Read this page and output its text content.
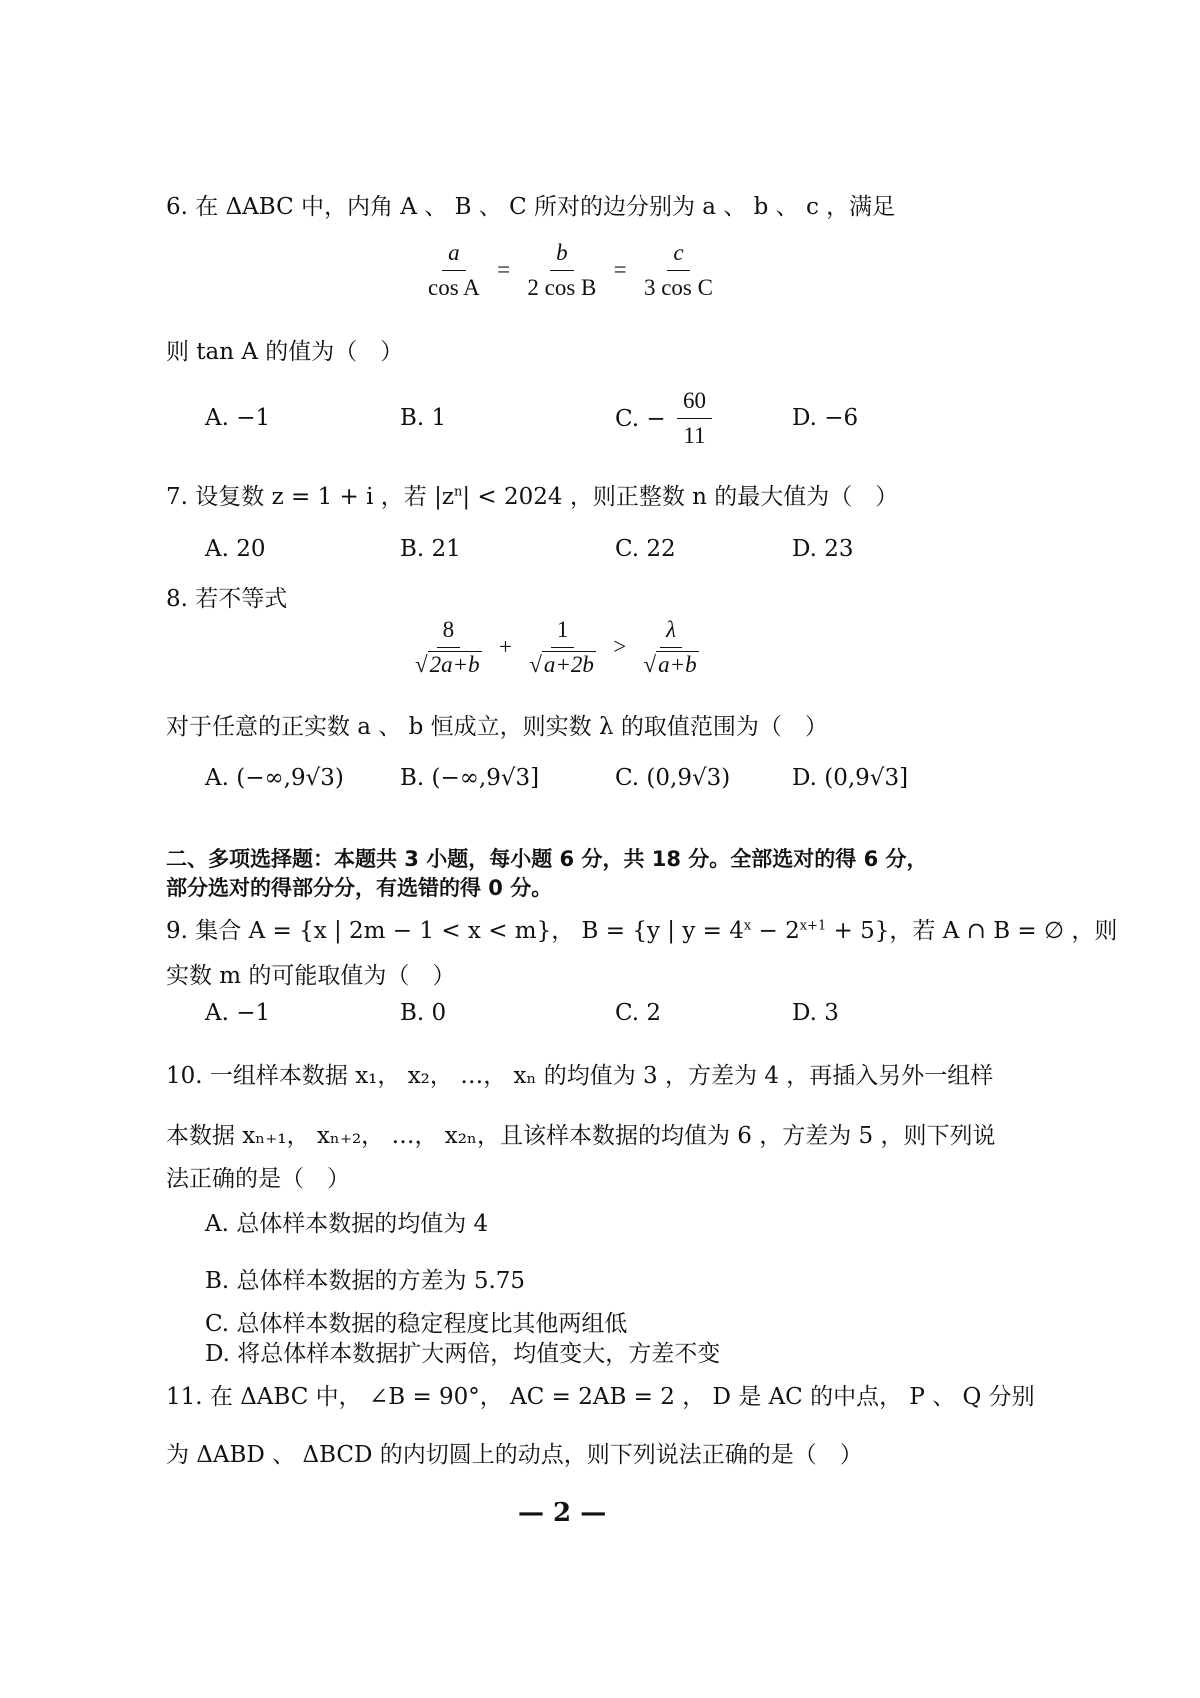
6. 在 ΔABC 中，内角 A 、 B 、 C 所对的边分别为 a 、 b 、 c ，满足
$\frac{a}{\text{cos A}} = \frac{b}{\text{2 cos B}} = \frac{c}{\text{3 cos C}}$
则 tan A 的值为（　）
A. −1	B. 1	C. − $\frac{60}{11}$	D. −6
7. 设复数 z = 1 + i ，若 $|z^n| < 2024$ ，则正整数 n 的最大值为（　）
A. 20	B. 21	C. 22	D. 23
8. 若不等式
$\frac{8}{√2a+b} + \frac{1}{√a+2b} > \frac{\lambda}{√a+b}$
对于任意的正实数 a 、 b 恒成立，则实数 λ 的取值范围为（　）
A. (−∞,9√3) B. (−∞,9√3]	C. (0,9√3)	D. (0,9√3]
二、多项选择题：本题共 3 小题，每小题 6 分，共 18 分。全部选对的得 6 分，
部分选对的得部分分，有选错的得 0 分。
9. 集合 A = {x | 2m − 1 < x < m}， B = {y | $y = 4^x - 2^{x+1} + 5$}，若 A ∩ B = ∅ ，则
实数 m 的可能取值为（　）
A. −1	B. 0	C. 2	D. 3
10. 一组样本数据 x₁， x₂， …， xₙ 的均值为 3 ，方差为 4 ，再插入另外一组样
本数据 xₙ₊₁， xₙ₊₂， …， x₂ₙ，且该样本数据的均值为 6 ，方差为 5 ，则下列说
法正确的是（　）
A. 总体样本数据的均值为 4
B. 总体样本数据的方差为 5.75
C. 总体样本数据的稳定程度比其他两组低
D. 将总体样本数据扩大两倍，均值变大，方差不变
11. 在 ΔABC 中， ∠B = 90°， AC = 2AB = 2 ， D 是 AC 的中点， P 、 Q 分别
为 ΔABD 、 ΔBCD 的内切圆上的动点，则下列说法正确的是（　）
— 2 —
